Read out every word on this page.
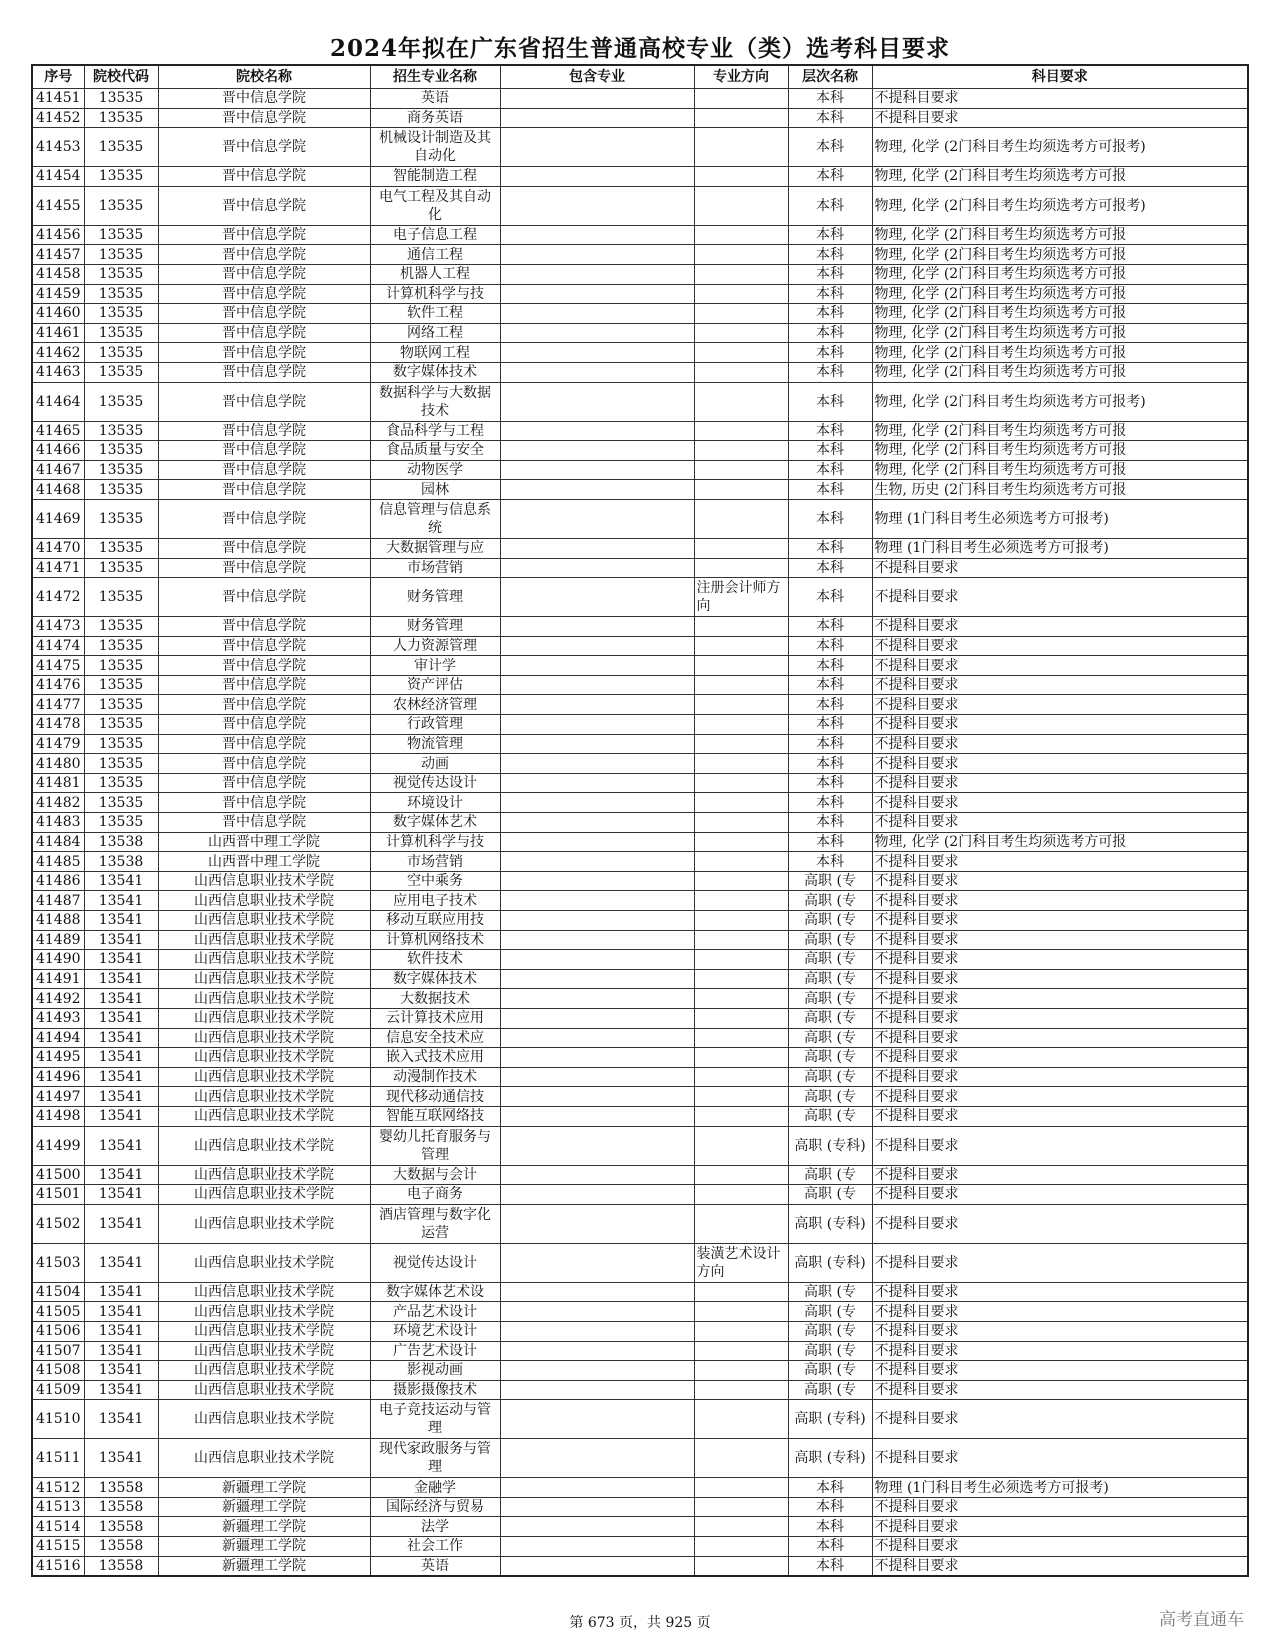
2024年拟在广东省招生普通高校专业（类）选考科目要求
序号	院校代码	院校名称	招生专业名称	包含专业	专业方向	层次名称	科目要求
41451	13535	晋中信息学院	英语			本科	不提科目要求
41452	13535	晋中信息学院	商务英语			本科	不提科目要求
41453	13535	晋中信息学院	机械设计制造及其自动化			本科	物理, 化学 (2门科目考生均须选考方可报考)
41454	13535	晋中信息学院	智能制造工程			本科	物理, 化学 (2门科目考生均须选考方可报
41455	13535	晋中信息学院	电气工程及其自动化			本科	物理, 化学 (2门科目考生均须选考方可报考)
41456	13535	晋中信息学院	电子信息工程			本科	物理, 化学 (2门科目考生均须选考方可报
41457	13535	晋中信息学院	通信工程			本科	物理, 化学 (2门科目考生均须选考方可报
41458	13535	晋中信息学院	机器人工程			本科	物理, 化学 (2门科目考生均须选考方可报
41459	13535	晋中信息学院	计算机科学与技			本科	物理, 化学 (2门科目考生均须选考方可报
41460	13535	晋中信息学院	软件工程			本科	物理, 化学 (2门科目考生均须选考方可报
41461	13535	晋中信息学院	网络工程			本科	物理, 化学 (2门科目考生均须选考方可报
41462	13535	晋中信息学院	物联网工程			本科	物理, 化学 (2门科目考生均须选考方可报
41463	13535	晋中信息学院	数字媒体技术			本科	物理, 化学 (2门科目考生均须选考方可报
41464	13535	晋中信息学院	数据科学与大数据技术			本科	物理, 化学 (2门科目考生均须选考方可报考)
41465	13535	晋中信息学院	食品科学与工程			本科	物理, 化学 (2门科目考生均须选考方可报
41466	13535	晋中信息学院	食品质量与安全			本科	物理, 化学 (2门科目考生均须选考方可报
41467	13535	晋中信息学院	动物医学			本科	物理, 化学 (2门科目考生均须选考方可报
41468	13535	晋中信息学院	园林			本科	生物, 历史 (2门科目考生均须选考方可报
41469	13535	晋中信息学院	信息管理与信息系统			本科	物理 (1门科目考生必须选考方可报考)
41470	13535	晋中信息学院	大数据管理与应			本科	物理 (1门科目考生必须选考方可报考)
41471	13535	晋中信息学院	市场营销			本科	不提科目要求
41472	13535	晋中信息学院	财务管理		注册会计师方向	本科	不提科目要求
41473	13535	晋中信息学院	财务管理			本科	不提科目要求
41474	13535	晋中信息学院	人力资源管理			本科	不提科目要求
41475	13535	晋中信息学院	审计学			本科	不提科目要求
41476	13535	晋中信息学院	资产评估			本科	不提科目要求
41477	13535	晋中信息学院	农林经济管理			本科	不提科目要求
41478	13535	晋中信息学院	行政管理			本科	不提科目要求
41479	13535	晋中信息学院	物流管理			本科	不提科目要求
41480	13535	晋中信息学院	动画			本科	不提科目要求
41481	13535	晋中信息学院	视觉传达设计			本科	不提科目要求
41482	13535	晋中信息学院	环境设计			本科	不提科目要求
41483	13535	晋中信息学院	数字媒体艺术			本科	不提科目要求
41484	13538	山西晋中理工学院	计算机科学与技			本科	物理, 化学 (2门科目考生均须选考方可报
41485	13538	山西晋中理工学院	市场营销			本科	不提科目要求
41486	13541	山西信息职业技术学院	空中乘务			高职 (专	不提科目要求
41487	13541	山西信息职业技术学院	应用电子技术			高职 (专	不提科目要求
41488	13541	山西信息职业技术学院	移动互联应用技			高职 (专	不提科目要求
41489	13541	山西信息职业技术学院	计算机网络技术			高职 (专	不提科目要求
41490	13541	山西信息职业技术学院	软件技术			高职 (专	不提科目要求
41491	13541	山西信息职业技术学院	数字媒体技术			高职 (专	不提科目要求
41492	13541	山西信息职业技术学院	大数据技术			高职 (专	不提科目要求
41493	13541	山西信息职业技术学院	云计算技术应用			高职 (专	不提科目要求
41494	13541	山西信息职业技术学院	信息安全技术应			高职 (专	不提科目要求
41495	13541	山西信息职业技术学院	嵌入式技术应用			高职 (专	不提科目要求
41496	13541	山西信息职业技术学院	动漫制作技术			高职 (专	不提科目要求
41497	13541	山西信息职业技术学院	现代移动通信技			高职 (专	不提科目要求
41498	13541	山西信息职业技术学院	智能互联网络技			高职 (专	不提科目要求
41499	13541	山西信息职业技术学院	婴幼儿托育服务与管理			高职 (专科)	不提科目要求
41500	13541	山西信息职业技术学院	大数据与会计			高职 (专	不提科目要求
41501	13541	山西信息职业技术学院	电子商务			高职 (专	不提科目要求
41502	13541	山西信息职业技术学院	酒店管理与数字化运营			高职 (专科)	不提科目要求
41503	13541	山西信息职业技术学院	视觉传达设计		装潢艺术设计方向	高职 (专科)	不提科目要求
41504	13541	山西信息职业技术学院	数字媒体艺术设			高职 (专	不提科目要求
41505	13541	山西信息职业技术学院	产品艺术设计			高职 (专	不提科目要求
41506	13541	山西信息职业技术学院	环境艺术设计			高职 (专	不提科目要求
41507	13541	山西信息职业技术学院	广告艺术设计			高职 (专	不提科目要求
41508	13541	山西信息职业技术学院	影视动画			高职 (专	不提科目要求
41509	13541	山西信息职业技术学院	摄影摄像技术			高职 (专	不提科目要求
41510	13541	山西信息职业技术学院	电子竞技运动与管理			高职 (专科)	不提科目要求
41511	13541	山西信息职业技术学院	现代家政服务与管理			高职 (专科)	不提科目要求
41512	13558	新疆理工学院	金融学			本科	物理 (1门科目考生必须选考方可报考)
41513	13558	新疆理工学院	国际经济与贸易			本科	不提科目要求
41514	13558	新疆理工学院	法学			本科	不提科目要求
41515	13558	新疆理工学院	社会工作			本科	不提科目要求
41516	13558	新疆理工学院	英语			本科	不提科目要求
第 673 页，共 925 页	高考直通车
